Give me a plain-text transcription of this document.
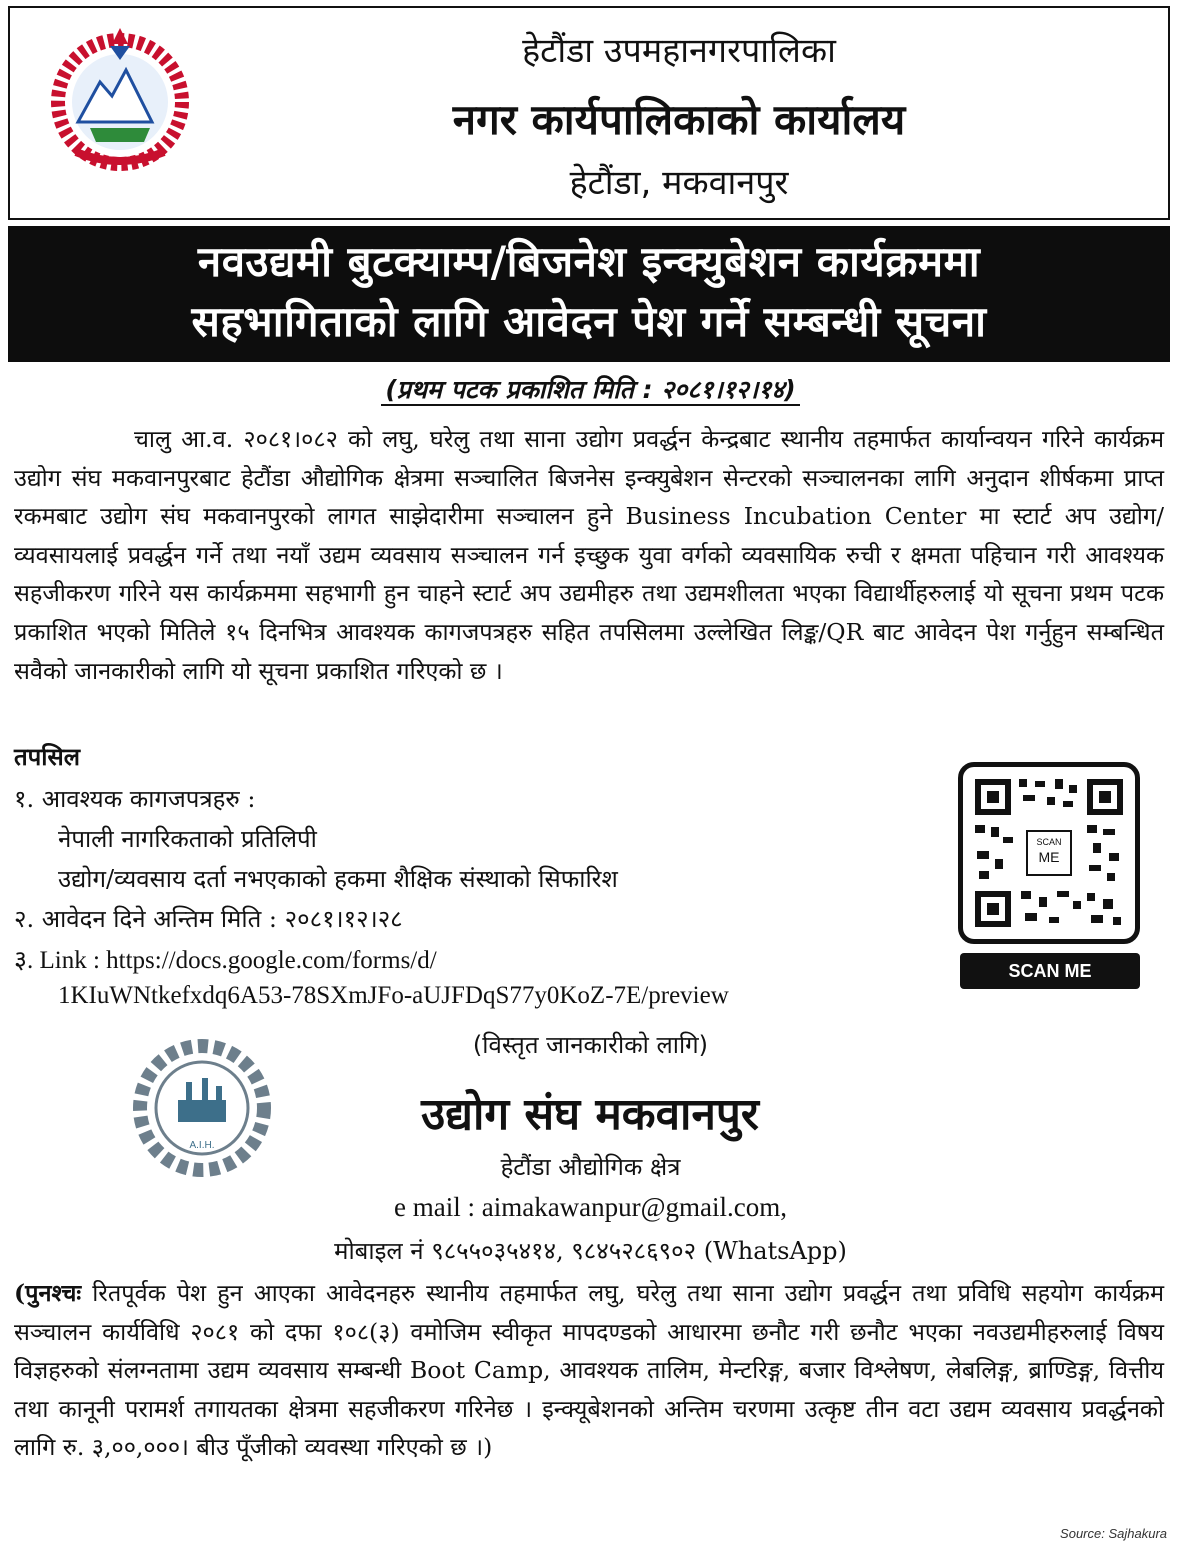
हेटौंडा उपमहानगरपालिका
नगर कार्यपालिकाको कार्यालय
हेटौंडा, मकवानपुर
नवउद्यमी बुटक्याम्प/बिजनेश इन्क्युबेशन कार्यक्रममा
सहभागिताको लागि आवेदन पेश गर्ने सम्बन्धी सूचना
(प्रथम पटक प्रकाशित मिति : २०८१।१२।१४)
चालु आ.व. २०८१।०८२ को लघु, घरेलु तथा साना उद्योग प्रवर्द्धन केन्द्रबाट स्थानीय तहमार्फत कार्यान्वयन गरिने कार्यक्रम उद्योग संघ मकवानपुरबाट हेटौंडा औद्योगिक क्षेत्रमा सञ्चालित बिजनेस इन्क्युबेशन सेन्टरको सञ्चालनका लागि अनुदान शीर्षकमा प्राप्त रकमबाट उद्योग संघ मकवानपुरको लागत साझेदारीमा सञ्चालन हुने Business Incubation Center मा स्टार्ट अप उद्योग/व्यवसायलाई प्रवर्द्धन गर्ने तथा नयाँ उद्यम व्यवसाय सञ्चालन गर्न इच्छुक युवा वर्गको व्यवसायिक रुची र क्षमता पहिचान गरी आवश्यक सहजीकरण गरिने यस कार्यक्रममा सहभागी हुन चाहने स्टार्ट अप उद्यमीहरु तथा उद्यमशीलता भएका विद्यार्थीहरुलाई यो सूचना प्रथम पटक प्रकाशित भएको मितिले १५ दिनभित्र आवश्यक कागजपत्रहरु सहित तपसिलमा उल्लेखित लिङ्क/QR बाट आवेदन पेश गर्नुहुन सम्बन्धित सवैको जानकारीको लागि यो सूचना प्रकाशित गरिएको छ ।
तपसिल
१. आवश्यक कागजपत्रहरु :
नेपाली नागरिकताको प्रतिलिपी
उद्योग/व्यवसाय दर्ता नभएकाको हकमा शैक्षिक संस्थाको सिफारिश
२. आवेदन दिने अन्तिम मिति : २०८१।१२।२८
३. Link : https://docs.google.com/forms/d/
1KIuWNtkefxdq6A53-78SXmJFo-aUJFDqS77y0KoZ-7E/preview
SCAN
ME
SCAN ME
(विस्तृत जानकारीको लागि)
A.I.H.
उद्योग संघ मकवानपुर
हेटौंडा औद्योगिक क्षेत्र
e mail : aimakawanpur@gmail.com,
मोबाइल नं ९८५५०३५४१४, ९८४५२८६९०२ (WhatsApp)
(पुनश्चः रितपूर्वक पेश हुन आएका आवेदनहरु स्थानीय तहमार्फत लघु, घरेलु तथा साना उद्योग प्रवर्द्धन तथा प्रविधि सहयोग कार्यक्रम सञ्चालन कार्यविधि २०८१ को दफा १०८(३) वमोजिम स्वीकृत मापदण्डको आधारमा छनौट गरी छनौट भएका नवउद्यमीहरुलाई विषय विज्ञहरुको संलग्नतामा उद्यम व्यवसाय सम्बन्धी Boot Camp, आवश्यक तालिम, मेन्टरिङ्ग, बजार विश्लेषण, लेबलिङ्ग, ब्राण्डिङ्ग, वित्तीय तथा कानूनी परामर्श तगायतका क्षेत्रमा सहजीकरण गरिनेछ । इन्क्यूबेशनको अन्तिम चरणमा उत्कृष्ट तीन वटा उद्यम व्यवसाय प्रवर्द्धनको लागि रु. ३,००,०००। बीउ पूँजीको व्यवस्था गरिएको छ ।)
Source: Sajhakura
